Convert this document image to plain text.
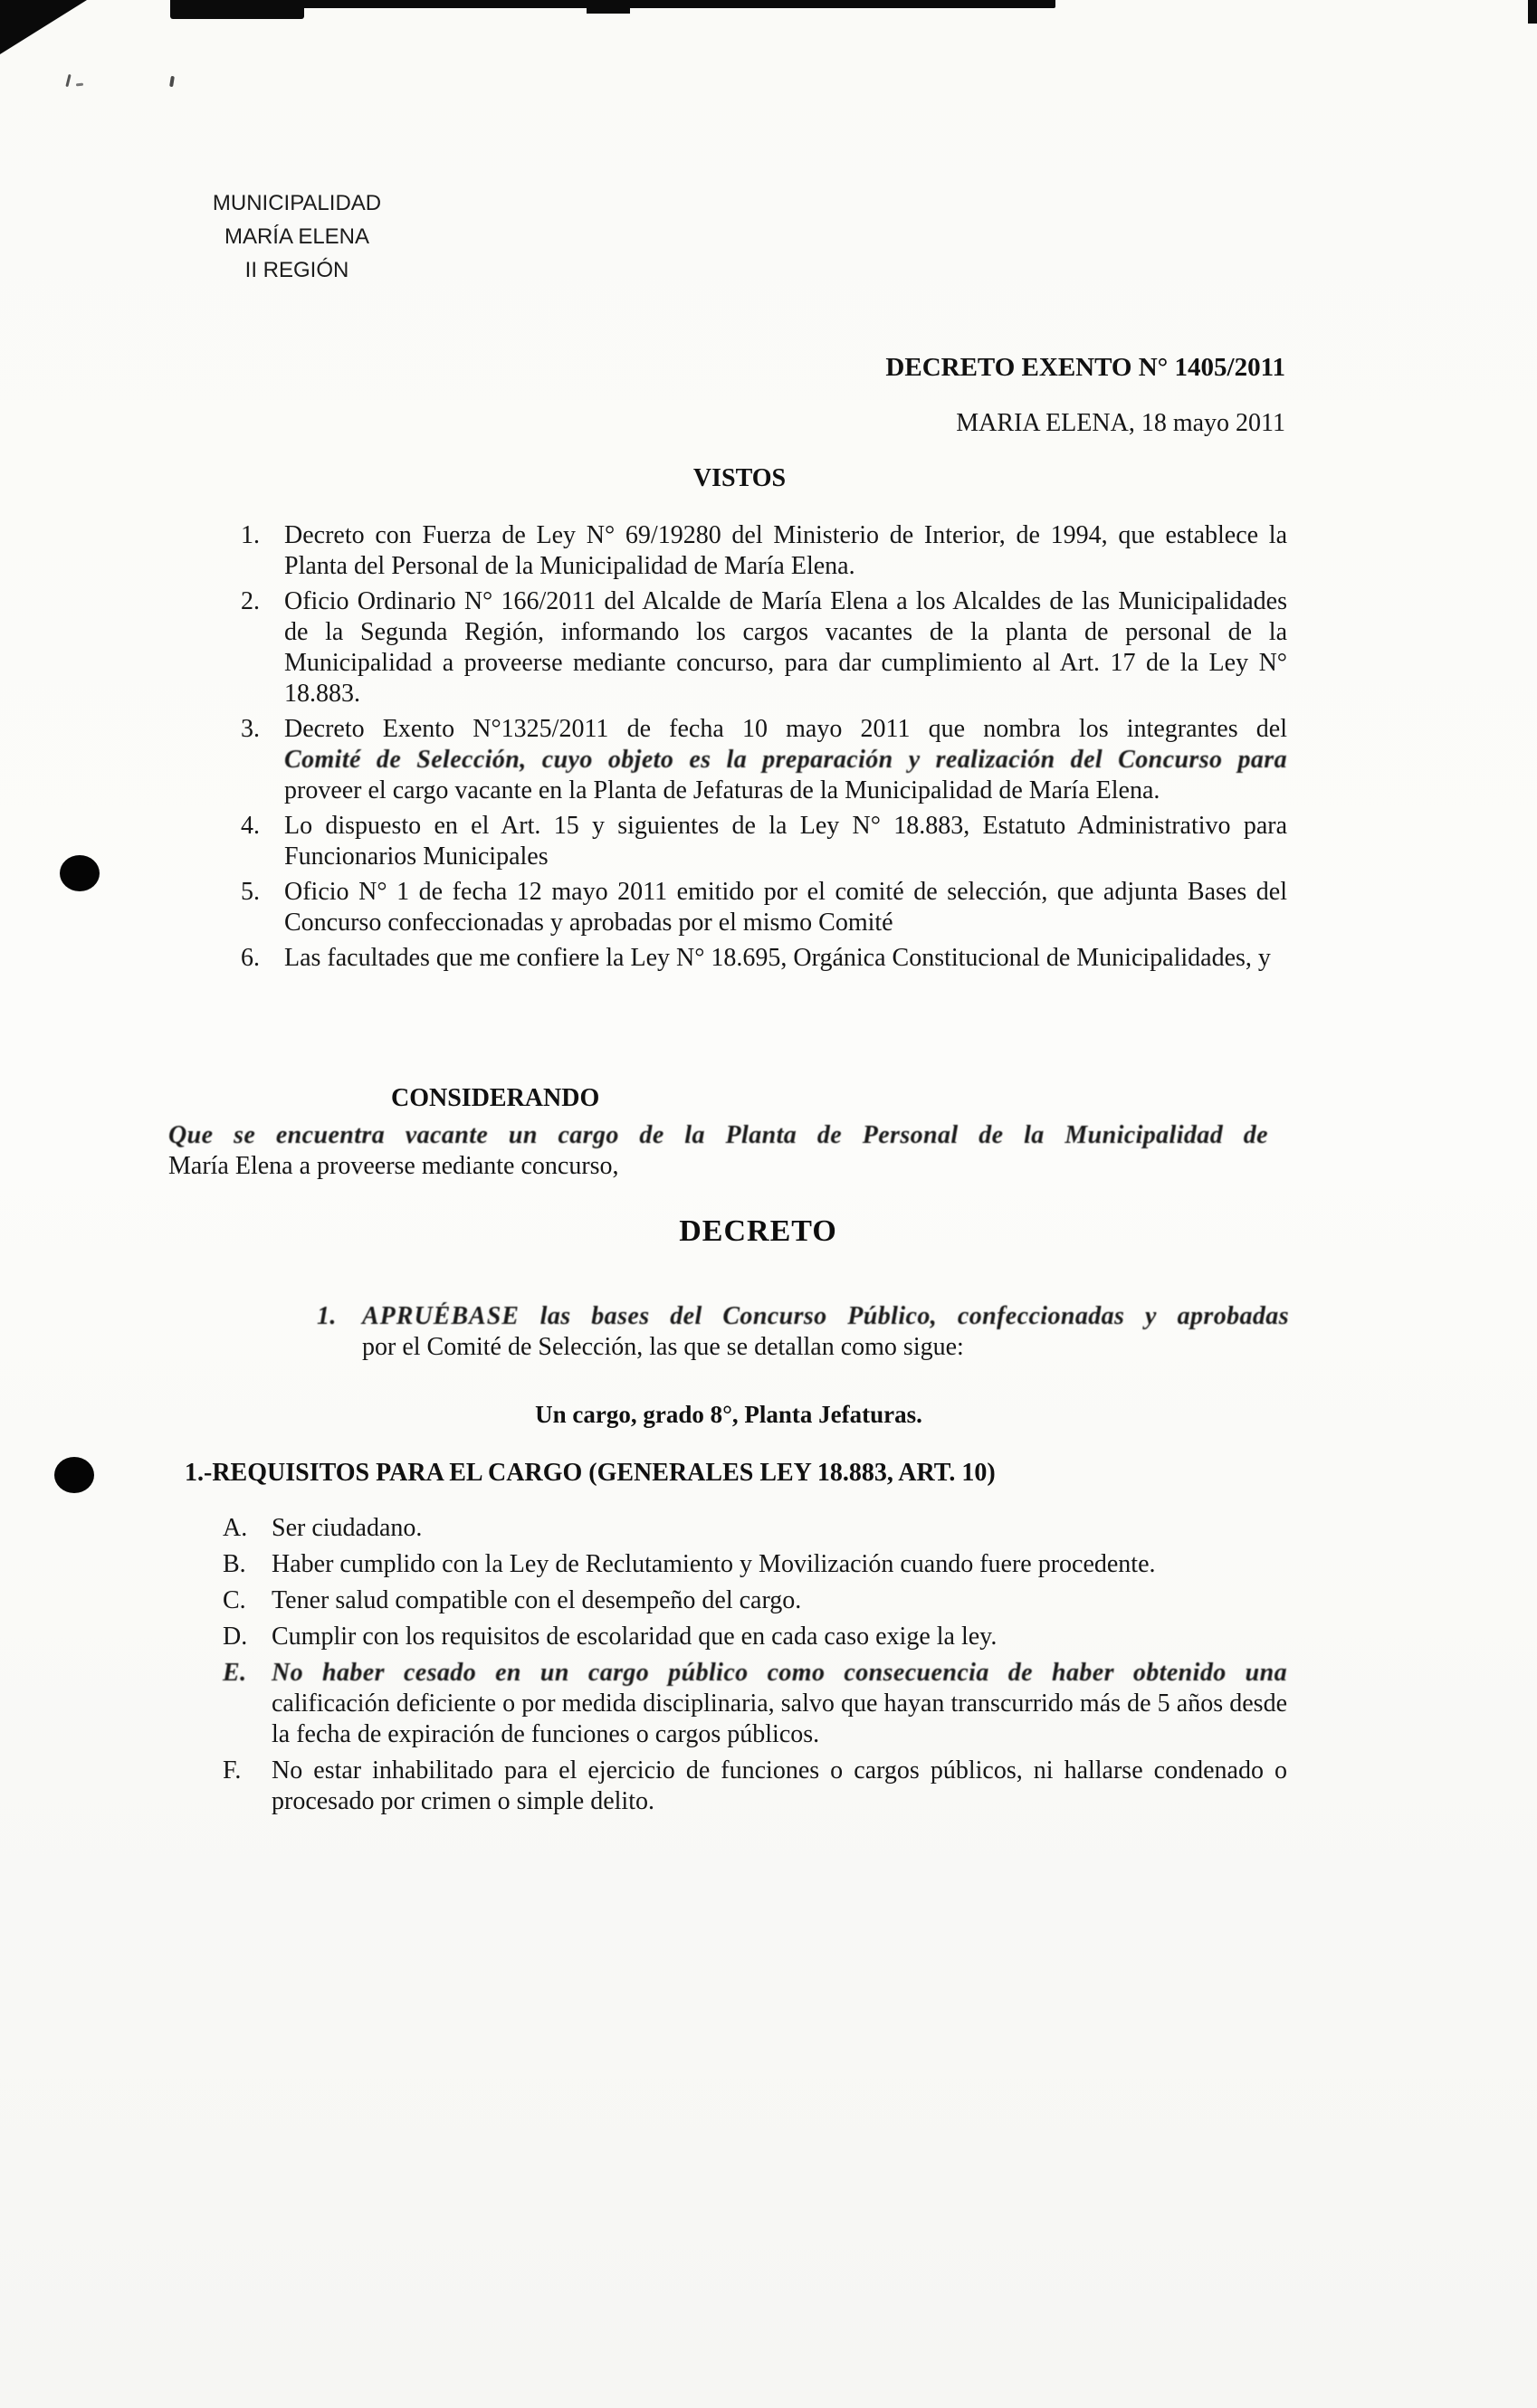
MUNICIPALIDAD
MARÍA ELENA
II REGIÓN
DECRETO EXENTO N° 1405/2011
MARIA ELENA, 18 mayo 2011
VISTOS
1. Decreto con Fuerza de Ley N° 69/19280 del Ministerio de Interior, de 1994, que establece la Planta del Personal de la Municipalidad de María Elena.
2. Oficio Ordinario N° 166/2011 del Alcalde de María Elena a los Alcaldes de las Municipalidades de la Segunda Región, informando los cargos vacantes de la planta de personal de la Municipalidad a proveerse mediante concurso, para dar cumplimiento al Art. 17 de la Ley N° 18.883.
3. Decreto Exento N°1325/2011 de fecha 10 mayo 2011 que nombra los integrantes del
Comité de Selección, cuyo objeto es la preparación y realización del Concurso para
proveer el cargo vacante en la Planta de Jefaturas de la Municipalidad de María Elena.
4. Lo dispuesto en el Art. 15 y siguientes de la Ley N° 18.883, Estatuto Administrativo para Funcionarios Municipales
5. Oficio N° 1 de fecha 12 mayo 2011 emitido por el comité de selección, que adjunta Bases del Concurso confeccionadas y aprobadas por el mismo Comité
6. Las facultades que me confiere la Ley N° 18.695, Orgánica Constitucional de Municipalidades, y
CONSIDERANDO
Que se encuentra vacante un cargo de la Planta de Personal de la Municipalidad de
María Elena a proveerse mediante concurso,
DECRETO
1.	APRUÉBASE las bases del Concurso Público, confeccionadas y aprobadas
por el Comité de Selección, las que se detallan como sigue:
Un cargo, grado 8°, Planta Jefaturas.
1.-REQUISITOS PARA EL CARGO (GENERALES LEY 18.883, ART. 10)
A. Ser ciudadano.
B.	Haber cumplido con la Ley de Reclutamiento y Movilización cuando fuere procedente.
C.	Tener salud compatible con el desempeño del cargo.
D. Cumplir con los requisitos de escolaridad que en cada caso exige la ley.
E. No haber cesado en un cargo público como consecuencia de haber obtenido una
calificación deficiente o por medida disciplinaria, salvo que hayan transcurrido más de 5 años desde la fecha de expiración de funciones o cargos públicos.
F.	No estar inhabilitado para el ejercicio de funciones o cargos públicos, ni hallarse condenado o procesado por crimen o simple delito.
